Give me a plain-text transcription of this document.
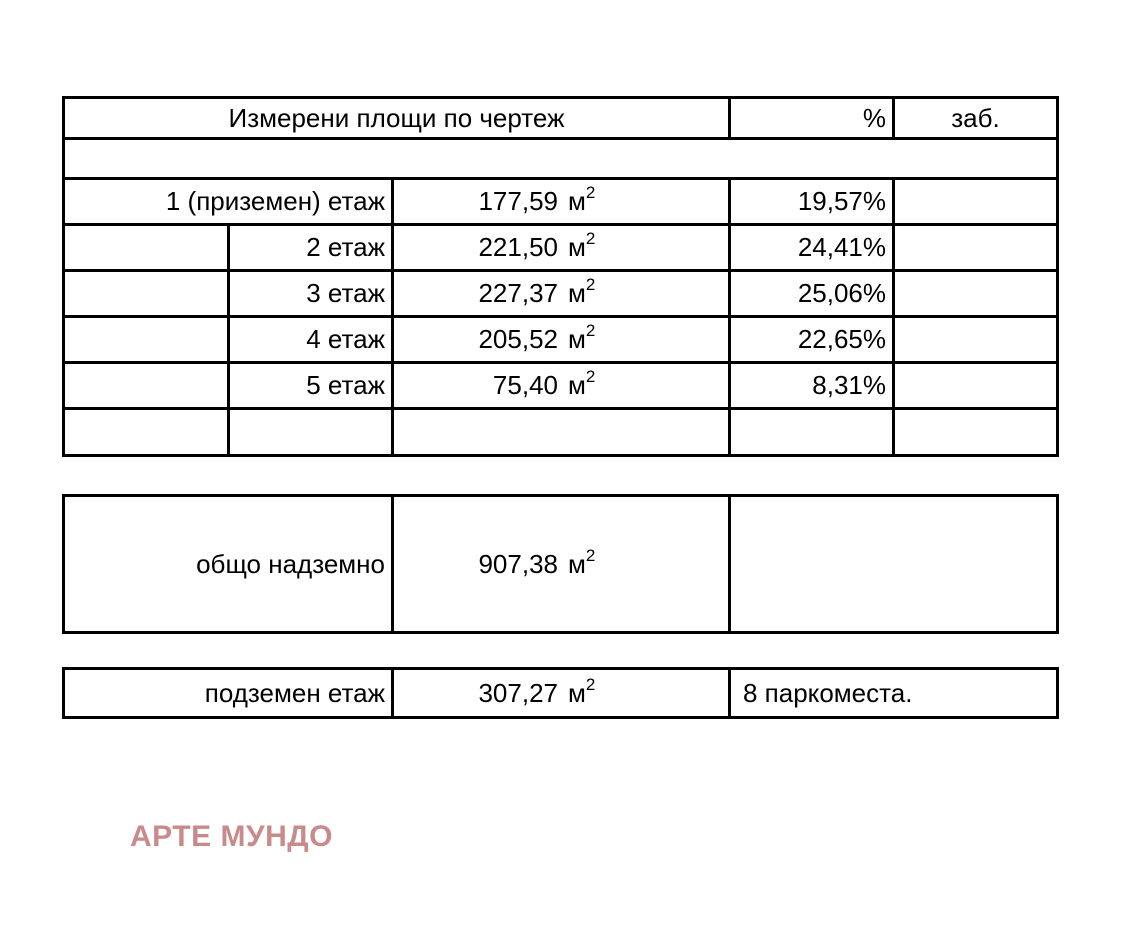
Измерени площи по чертеж			%	заб.

1 (приземен) етаж		177,59 $м^2$	19,57%	
	2 етаж	221,50 $м^2$	24,41%	
	3 етаж	227,37 $м^2$	25,06%	
	4 етаж	205,52 $м^2$	22,65%	
	5 етаж	75,40 $м^2$	8,31%	

общо надземно	907,38 $м^2$	
подземен етаж	307,27 $м^2$	8 паркоместа.
АРТЕ МУНДО
